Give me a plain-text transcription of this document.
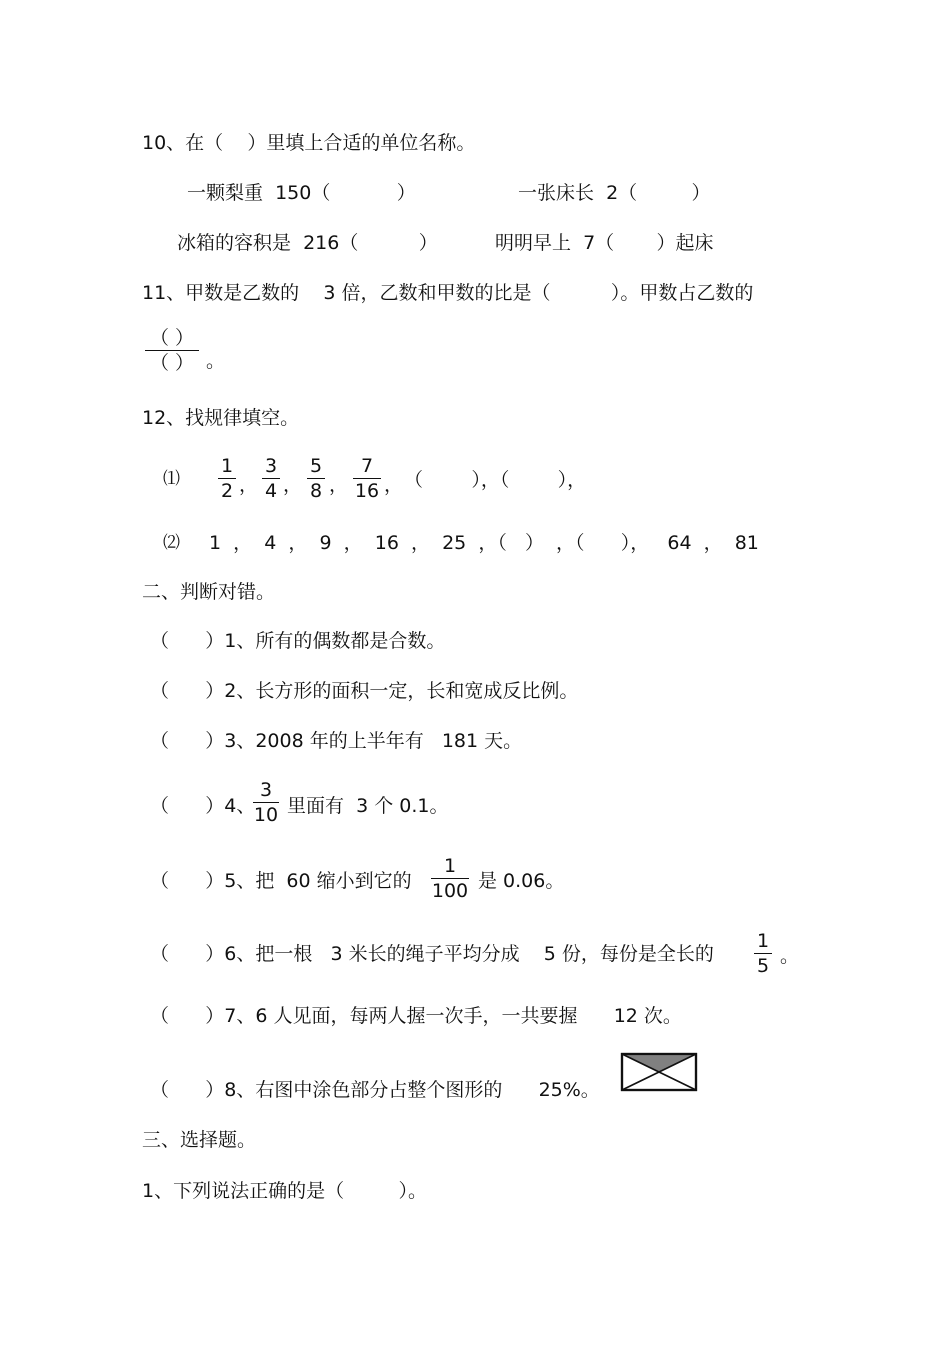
10、在（    ）里填上合适的单位名称。
一颗梨重  150（           ）	一张床长  2（         ）
冰箱的容积是  216（          ）	明明早上  7（       ）起床
11、甲数是乙数的    3 倍，乙数和甲数的比是（          ）。甲数占乙数的
（ ）
（ ） 。
12、找规律填空。
⑴
1
2 ，
3
4 ，
5
8 ，
7
16 ， （        ），（        ），
⑵ 1  ，  4  ，  9  ，  16  ，  25  ，（   ）  ，（      ），   64  ，  81
二、判断对错。
（      ）1、所有的偶数都是合数。
（      ）2、长方形的面积一定，长和宽成反比例。
（      ）3、2008 年的上半年有   181 天。
（      ）4、
3
10 里面有  3 个 0.1。
（      ）5、把  60 缩小到它的
1
100 是 0.06。
（      ）6、把一根   3 米长的绳子平均分成    5 份，每份是全长的
1
5 。
（      ）7、6 人见面，每两人握一次手，一共要握      12 次。
（      ）8、右图中涂色部分占整个图形的      25%。
三、选择题。
1、下列说法正确的是（         ）。
